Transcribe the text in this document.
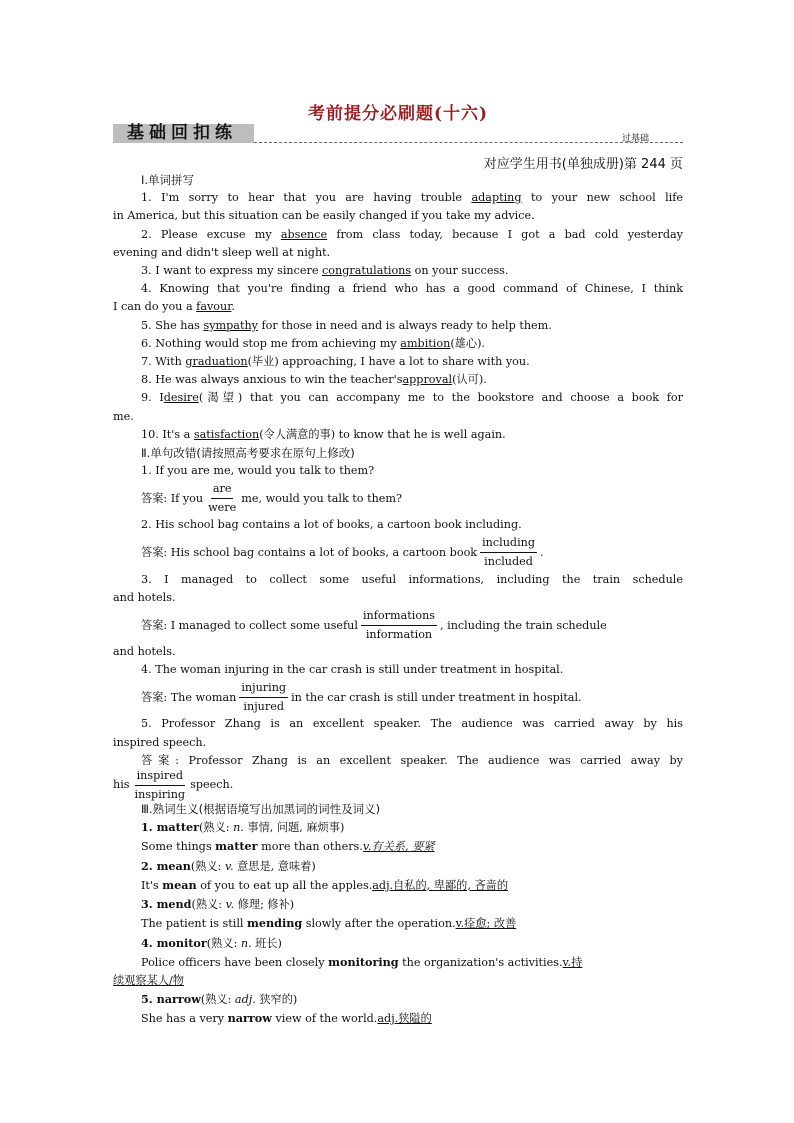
考前提分必刷题(十六)
基础回扣练	过基础
对应学生用书(单独成册)第 244 页

Ⅰ.单词拼写

1. I'm sorry to hear that you are having trouble adapting to your new school life

in America, but this situation can be easily changed if you take my advice.

2. Please excuse my absence from class today, because I got a bad cold yesterday

evening and didn't sleep well at night.

3. I want to express my sincere congratulations on your success.

4. Knowing that you're finding a friend who has a good command of Chinese, I think

I can do you a favour.

5. She has sympathy for those in need and is always ready to help them.

6. Nothing would stop me from achieving my ambition(雄心).

7. With graduation(毕业) approaching, I have a lot to share with you.

8. He was always anxious to win the teacher'sapproval(认可).

9. Idesire(渴望) that you can accompany me to the bookstore and choose a book for

me.

10. It's a satisfaction(令人满意的事) to know that he is well again.

Ⅱ.单句改错(请按照高考要求在原句上修改)

1. If you are me, would you talk to them?

答案: If you $\frac{\text{are}}{\text{were}}$ me, would you talk to them?

2. His school bag contains a lot of books, a cartoon book including.

答案: His school bag contains a lot of books, a cartoon book $\frac{\text{including}}{\text{included}}$ .

3. I managed to collect some useful informations, including the train schedule

and hotels.

答案: I managed to collect some useful $\frac{\text{informations}}{\text{information}}$ , including the train schedule

and hotels.

4. The woman injuring in the car crash is still under treatment in hospital.

答案: The woman $\frac{\text{injuring}}{\text{injured}}$ in the car crash is still under treatment in hospital.

5. Professor Zhang is an excellent speaker. The audience was carried away by his

inspired speech.

答案: Professor Zhang is an excellent speaker. The audience was carried away by

his $\frac{\text{inspired}}{\text{inspiring}}$ speech.

Ⅲ.熟词生义(根据语境写出加黑词的词性及词义)

1. matter(熟义: n. 事情, 问题, 麻烦事)

Some things matter more than others.v.有关系, 要紧

2. mean(熟义: v. 意思是, 意味着)

It's mean of you to eat up all the apples.adj.自私的, 卑鄙的, 吝啬的

3. mend(熟义: v. 修理; 修补)

The patient is still mending slowly after the operation.v.痊愈; 改善

4. monitor(熟义: n. 班长)

Police officers have been closely monitoring the organization's activities.v.持

续观察某人/物

5. narrow(熟义: adj. 狭窄的)

She has a very narrow view of the world.adj.狭隘的
